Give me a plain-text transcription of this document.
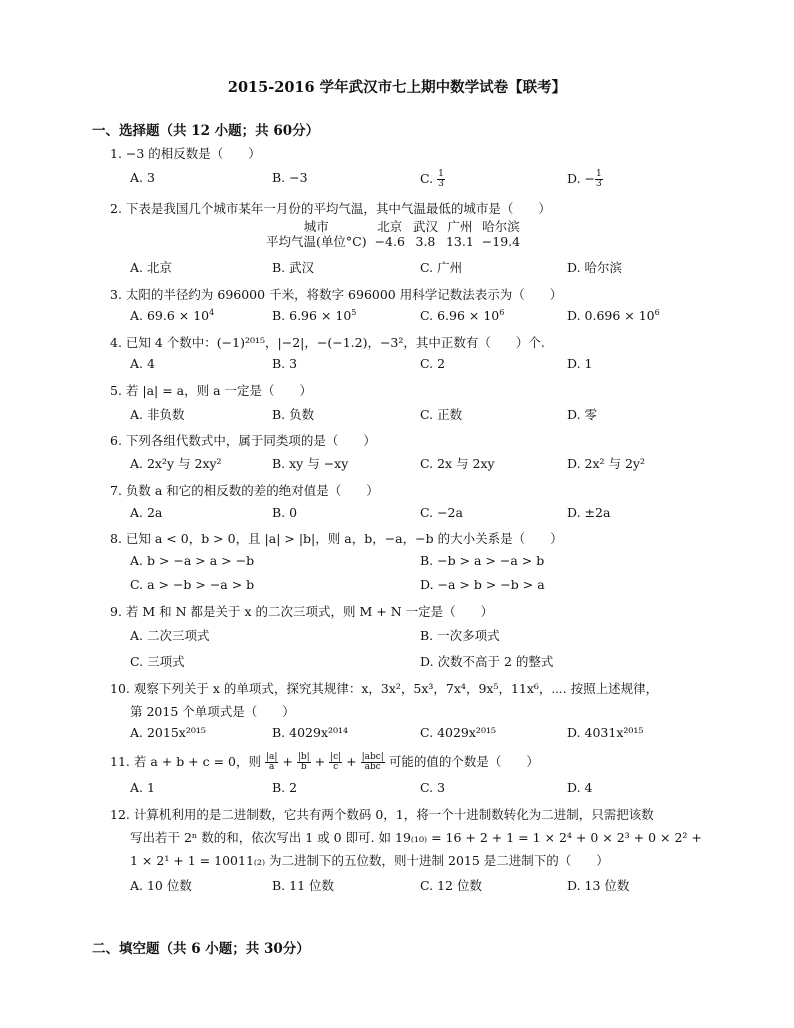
2015-2016 学年武汉市七上期中数学试卷【联考】
一、选择题（共 12 小题；共 60分）
1. −3 的相反数是（　　）
A. 3	B. −3	C. $\frac{1}{3}$	D. − $\frac{1}{3}$
2. 下表是我国几个城市某年一月份的平均气温，其中气温最低的城市是（　　）
城市	北京	武汉	广州	哈尔滨
平均气温(单位°C)	−4.6	3.8	13.1	−19.4
A. 北京	B. 武汉	C. 广州	D. 哈尔滨
3. 太阳的半径约为 696000 千米，将数字 696000 用科学记数法表示为（　　）
A. $69.6 \times 10^4$	B. $6.96 \times 10^5$	C. $6.96 \times 10^6$	D. $0.696 \times 10^6$
4. 已知 4 个数中：(−1)²⁰¹⁵，|−2|，−(−1.2)，−3²，其中正数有（　　）个.
A. 4	B. 3	C. 2	D. 1
5. 若 |a| = a，则 a 一定是（　　）
A. 非负数	B. 负数	C. 正数	D. 零
6. 下列各组代数式中，属于同类项的是（　　）
A. 2x²y 与 2xy²	B. xy 与 −xy	C. 2x 与 2xy	D. 2x² 与 2y²
7. 负数 a 和它的相反数的差的绝对值是（　　）
A. 2a	B. 0	C. −2a	D. ±2a
8. 已知 a < 0，b > 0，且 |a| > |b|，则 a，b，−a，−b 的大小关系是（　　）
A. b > −a > a > −b	B. −b > a > −a > b
C. a > −b > −a > b	D. −a > b > −b > a
9. 若 M 和 N 都是关于 x 的二次三项式，则 M + N 一定是（　　）
A. 二次三项式	B. 一次多项式
C. 三项式	D. 次数不高于 2 的整式
10. 观察下列关于 x 的单项式，探究其规律：x，3x²，5x³，7x⁴，9x⁵，11x⁶，⋯. 按照上述规律，
第 2015 个单项式是（　　）
A. 2015x²⁰¹⁵	B. 4029x²⁰¹⁴	C. 4029x²⁰¹⁵	D. 4031x²⁰¹⁵
11. 若 a + b + c = 0，则 $\frac{|a|}{a} + \frac{|b|}{b} + \frac{|c|}{c} + \frac{\text{|abc|}}{\text{abc}}$ 可能的值的个数是（　　）
A. 1	B. 2	C. 3	D. 4
12. 计算机利用的是二进制数，它共有两个数码 0，1，将一个十进制数转化为二进制，只需把该数
写出若干 2ⁿ 数的和，依次写出 1 或 0 即可. 如 19₍₁₀₎ = 16 + 2 + 1 = 1 × 2⁴ + 0 × 2³ + 0 × 2² +
1 × 2¹ + 1 = 10011₍₂₎ 为二进制下的五位数，则十进制 2015 是二进制下的（　　）
A. 10 位数	B. 11 位数	C. 12 位数	D. 13 位数
二、填空题（共 6 小题；共 30分）
